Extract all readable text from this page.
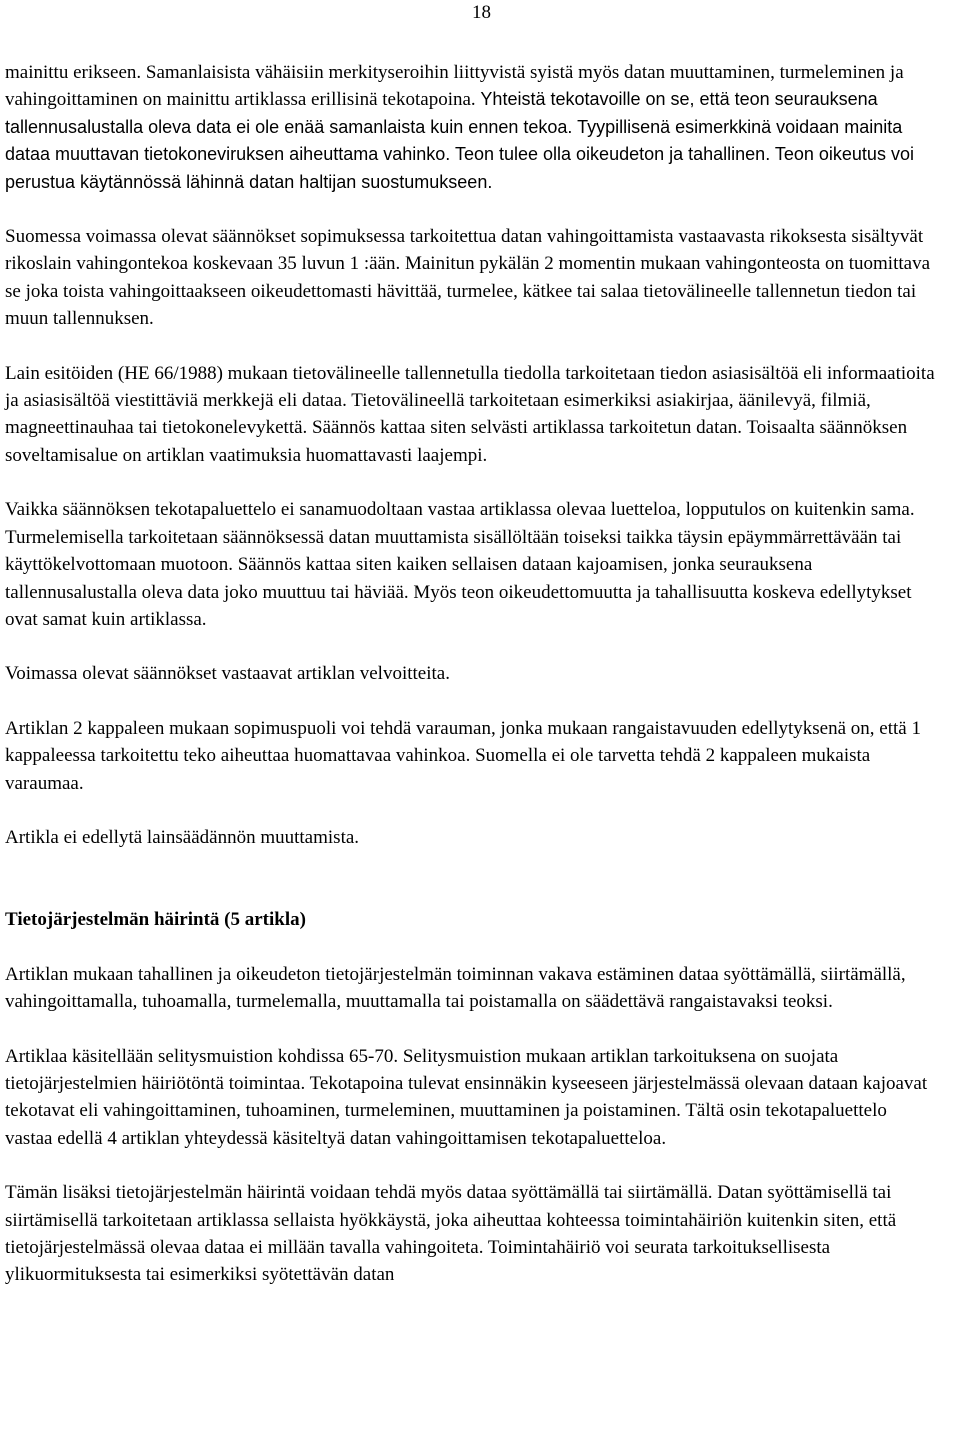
18

mainittu erikseen. Samanlaisista vähäisiin merkityseroihin liittyvistä syistä myös datan muuttaminen, turmeleminen ja vahingoittaminen on mainittu artiklassa erillisinä tekotapoina. Yhteistä tekotavoille on se, että teon seurauksena tallennusalustalla oleva data ei ole enää samanlaista kuin ennen tekoa. Tyypillisenä esimerkkinä voidaan mainita dataa muuttavan tietokoneviruksen aiheuttama vahinko. Teon tulee olla oikeudeton ja tahallinen. Teon oikeutus voi perustua käytännössä lähinnä datan haltijan suostumukseen.

Suomessa voimassa olevat säännökset sopimuksessa tarkoitettua datan vahingoittamista vastaavasta rikoksesta sisältyvät rikoslain vahingontekoa koskevaan 35 luvun 1 :ään. Mainitun pykälän 2 momentin mukaan vahingonteosta on tuomittava se joka toista vahingoittaakseen oikeudettomasti hävittää, turmelee, kätkee tai salaa tietovälineelle tallennetun tiedon tai muun tallennuksen.

Lain esitöiden (HE 66/1988) mukaan tietovälineelle tallennetulla tiedolla tarkoitetaan tiedon asiasisältöä eli informaatioita ja asiasisältöä viestittäviä merkkejä eli dataa. Tietovälineellä tarkoitetaan esimerkiksi asiakirjaa, äänilevyä, filmiä, magneettinauhaa tai tietokonelevykettä. Säännös kattaa siten selvästi artiklassa tarkoitetun datan. Toisaalta säännöksen soveltamisalue on artiklan vaatimuksia huomattavasti laajempi.

Vaikka säännöksen tekotapaluettelo ei sanamuodoltaan vastaa artiklassa olevaa luetteloa, lopputulos on kuitenkin sama. Turmelemisella tarkoitetaan säännöksessä datan muuttamista sisällöltään toiseksi taikka täysin epäymmärrettävään tai käyttökelvottomaan muotoon. Säännös kattaa siten kaiken sellaisen dataan kajoamisen, jonka seurauksena tallennusalustalla oleva data joko muuttuu tai häviää. Myös teon oikeudettomuutta ja tahallisuutta koskeva edellytykset ovat samat kuin artiklassa.

Voimassa olevat säännökset vastaavat artiklan velvoitteita.

Artiklan 2 kappaleen mukaan sopimuspuoli voi tehdä varauman, jonka mukaan rangaistavuuden edellytyksenä on, että 1 kappaleessa tarkoitettu teko aiheuttaa huomattavaa vahinkoa. Suomella ei ole tarvetta tehdä 2 kappaleen mukaista varaumaa.

Artikla ei edellytä lainsäädännön muuttamista.

Tietojärjestelmän häirintä (5 artikla)

Artiklan mukaan tahallinen ja oikeudeton tietojärjestelmän toiminnan vakava estäminen dataa syöttämällä, siirtämällä, vahingoittamalla, tuhoamalla, turmelemalla, muuttamalla tai poistamalla on säädettävä rangaistavaksi teoksi.

Artiklaa käsitellään selitysmuistion kohdissa 65-70. Selitysmuistion mukaan artiklan tarkoituksena on suojata tietojärjestelmien häiriötöntä toimintaa. Tekotapoina tulevat ensinnäkin kyseeseen järjestelmässä olevaan dataan kajoavat tekotavat eli vahingoittaminen, tuhoaminen, turmeleminen, muuttaminen ja poistaminen. Tältä osin tekotapaluettelo vastaa edellä 4 artiklan yhteydessä käsiteltyä datan vahingoittamisen tekotapaluetteloa.

Tämän lisäksi tietojärjestelmän häirintä voidaan tehdä myös dataa syöttämällä tai siirtämällä. Datan syöttämisellä tai siirtämisellä tarkoitetaan artiklassa sellaista hyökkäystä, joka aiheuttaa kohteessa toimintahäiriön kuitenkin siten, että tietojärjestelmässä olevaa dataa ei millään tavalla vahingoiteta. Toimintahäiriö voi seurata tarkoituksellisesta ylikuormituksesta tai esimerkiksi syötettävän datan
